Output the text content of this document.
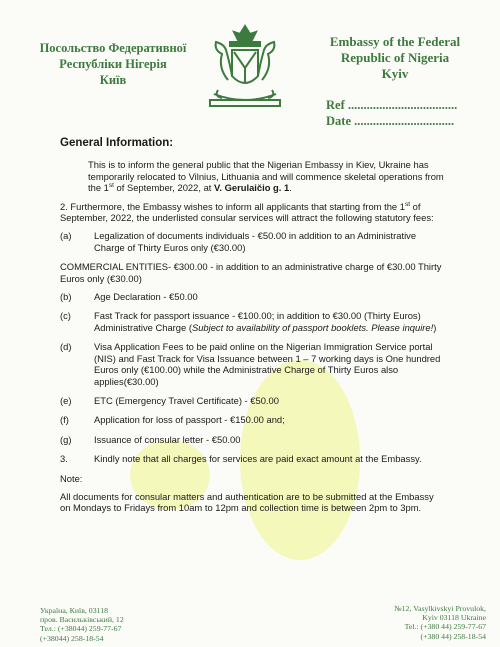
Посольство Федеративної
Республіки Нігерія
Київ
Embassy of the Federal
Republic of Nigeria
Kyiv
Ref ...................................
Date ................................
General Information:

This is to inform the general public that the Nigerian Embassy in Kiev, Ukraine has temporarily relocated to Vilnius, Lithuania and will commence skeletal operations from the 1st of September, 2022, at V. Gerulaičio g. 1.

2. Furthermore, the Embassy wishes to inform all applicants that starting from the 1st of September, 2022, the underlisted consular services will attract the following statutory fees:

(a)	Legalization of documents individuals - €50.00 in addition to an Administrative Charge of Thirty Euros only (€30.00)

COMMERCIAL ENTITIES- €300.00 - in addition to an administrative charge of €30.00 Thirty Euros only (€30.00)

(b)	Age Declaration - €50.00
(c)	Fast Track for passport issuance - €100.00; in addition to €30.00 (Thirty Euros) Administrative Charge (Subject to availability of passport booklets. Please inquire!)
(d)	Visa Application Fees to be paid online on the Nigerian Immigration Service portal (NIS) and Fast Track for Visa Issuance between 1 – 7 working days is One hundred Euros only (€100.00) while the Administrative Charge of Thirty Euros also applies(€30.00)
(e)	ETC (Emergency Travel Certificate) - €50.00
(f)	Application for loss of passport - €150.00 and;
(g)	Issuance of consular letter - €50.00
3.	Kindly note that all charges for services are paid exact amount at the Embassy.

Note:

All documents for consular matters and authentication are to be submitted at the Embassy on Mondays to Fridays from 10am to 12pm and collection time is between 2pm to 3pm.

Україна, Київ, 03118
пров. Васильківський, 12
Тел.: (+38044) 259-77-67
(+38044) 258-18-54
№12, Vasylkivskyi Provulok,
Kyiv 03118 Ukraine
Tel.: (+380 44) 259-77-67
(+380 44) 258-18-54
